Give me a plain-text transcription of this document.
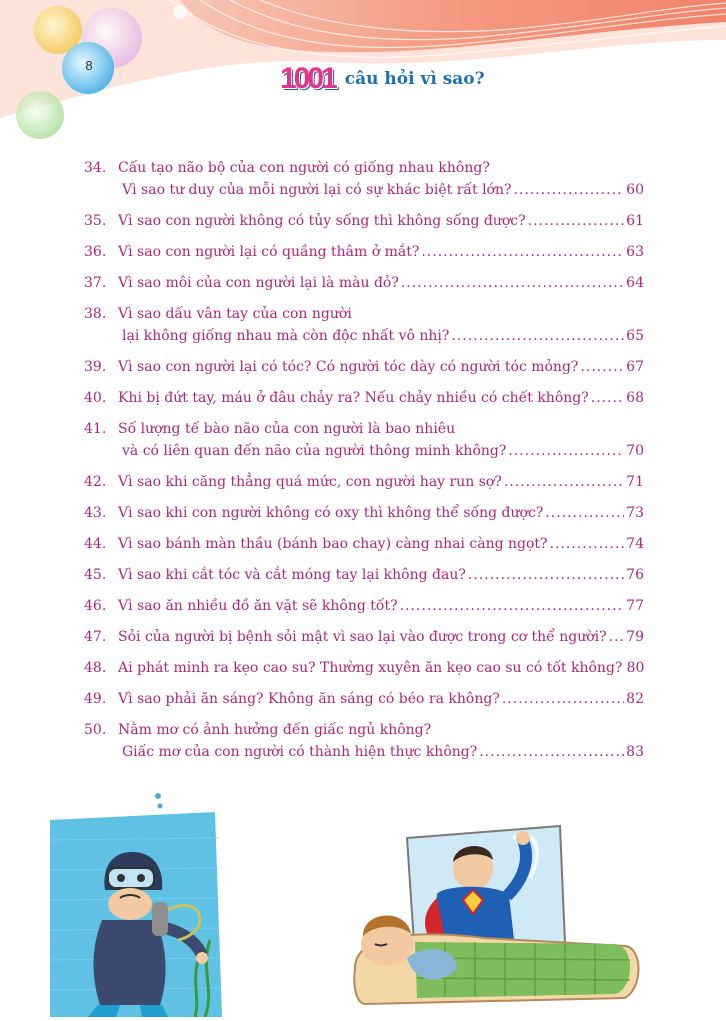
8	1001 câu hỏi vì sao?
34. Cấu tạo não bộ của con người có giống nhau không?
Vì sao tư duy của mỗi người lại có sự khác biệt rất lớn? .....	60
35. Vì sao con người không có tủy sống thì không sống được? .....	61
36. Vì sao con người lại có quầng thâm ở mắt? .....	63
37. Vì sao môi của con người lại là màu đỏ? .....	64
38. Vì sao dấu vân tay của con người
lại không giống nhau mà còn độc nhất vô nhị? .....	65
39. Vì sao con người lại có tóc? Có người tóc dày có người tóc mỏng? .....	67
40. Khi bị đứt tay, máu ở đâu chảy ra? Nếu chảy nhiều có chết không? .....	68
41. Số lượng tế bào não của con người là bao nhiêu
và có liên quan đến não của người thông minh không? .....	70
42. Vì sao khi căng thẳng quá mức, con người hay run sợ? .....	71
43. Vì sao khi con người không có oxy thì không thể sống được? .....	73
44. Vì sao bánh màn thầu (bánh bao chay) càng nhai càng ngọt? .....	74
45. Vì sao khi cắt tóc và cắt móng tay lại không đau? .....	76
46. Vì sao ăn nhiều đồ ăn vặt sẽ không tốt? .....	77
47. Sỏi của người bị bệnh sỏi mật vì sao lại vào được trong cơ thể người? ..... 79
48. Ai phát minh ra kẹo cao su? Thường xuyên ăn kẹo cao su có tốt không? 80
49. Vì sao phải ăn sáng? Không ăn sáng có béo ra không? .....	82
50. Nằm mơ có ảnh hưởng đến giấc ngủ không?
Giấc mơ của con người có thành hiện thực không? .....	83
